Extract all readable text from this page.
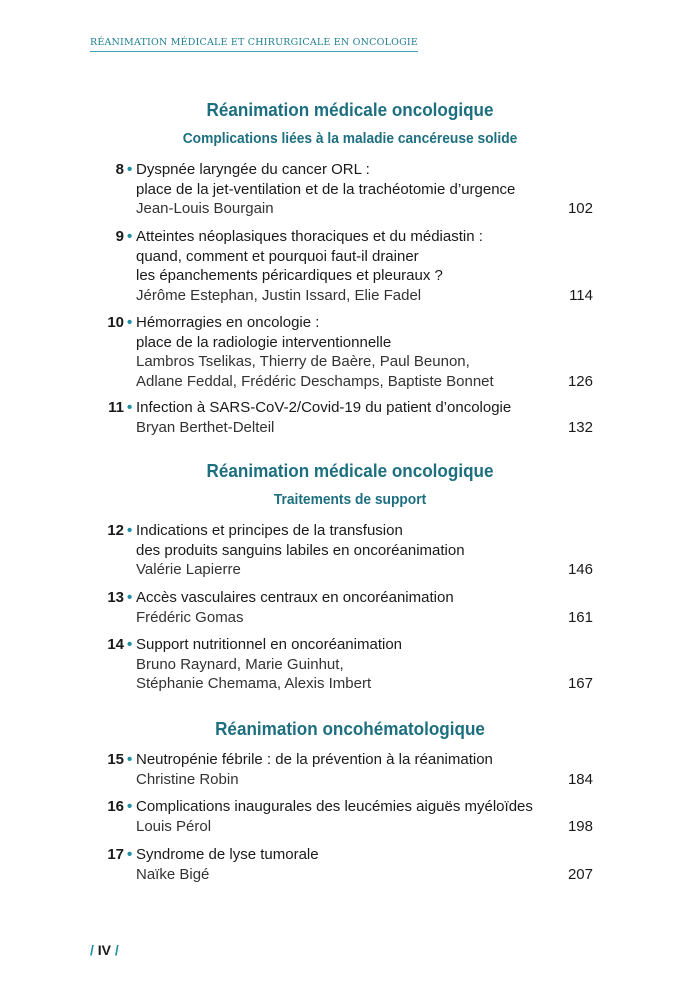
RÉANIMATION MÉDICALE ET CHIRURGICALE EN ONCOLOGIE
Réanimation médicale oncologique
Complications liées à la maladie cancéreuse solide
8 • Dyspnée laryngée du cancer ORL :
place de la jet-ventilation et de la trachéotomie d’urgence
Jean-Louis Bourgain	102
9 • Atteintes néoplasiques thoraciques et du médiastin :
quand, comment et pourquoi faut-il drainer
les épanchements péricardiques et pleuraux ?
Jérôme Estephan, Justin Issard, Elie Fadel	114
10 • Hémorragies en oncologie :
place de la radiologie interventionnelle
Lambros Tselikas, Thierry de Baère, Paul Beunon,
Adlane Feddal, Frédéric Deschamps, Baptiste Bonnet	126
11 • Infection à SARS-CoV-2/Covid-19 du patient d’oncologie
Bryan Berthet-Delteil	132
Réanimation médicale oncologique
Traitements de support
12 • Indications et principes de la transfusion
des produits sanguins labiles en oncoréanimation
Valérie Lapierre	146
13 • Accès vasculaires centraux en oncoréanimation
Frédéric Gomas	161
14 • Support nutritionnel en oncoréanimation
Bruno Raynard, Marie Guinhut,
Stéphanie Chemama, Alexis Imbert	167
Réanimation oncohématologique
15 • Neutropénie fébrile : de la prévention à la réanimation
Christine Robin	184
16 • Complications inaugurales des leucémies aiguës myéloïdes
Louis Pérol	198
17 • Syndrome de lyse tumorale
Naïke Bigé	207
/ IV /
